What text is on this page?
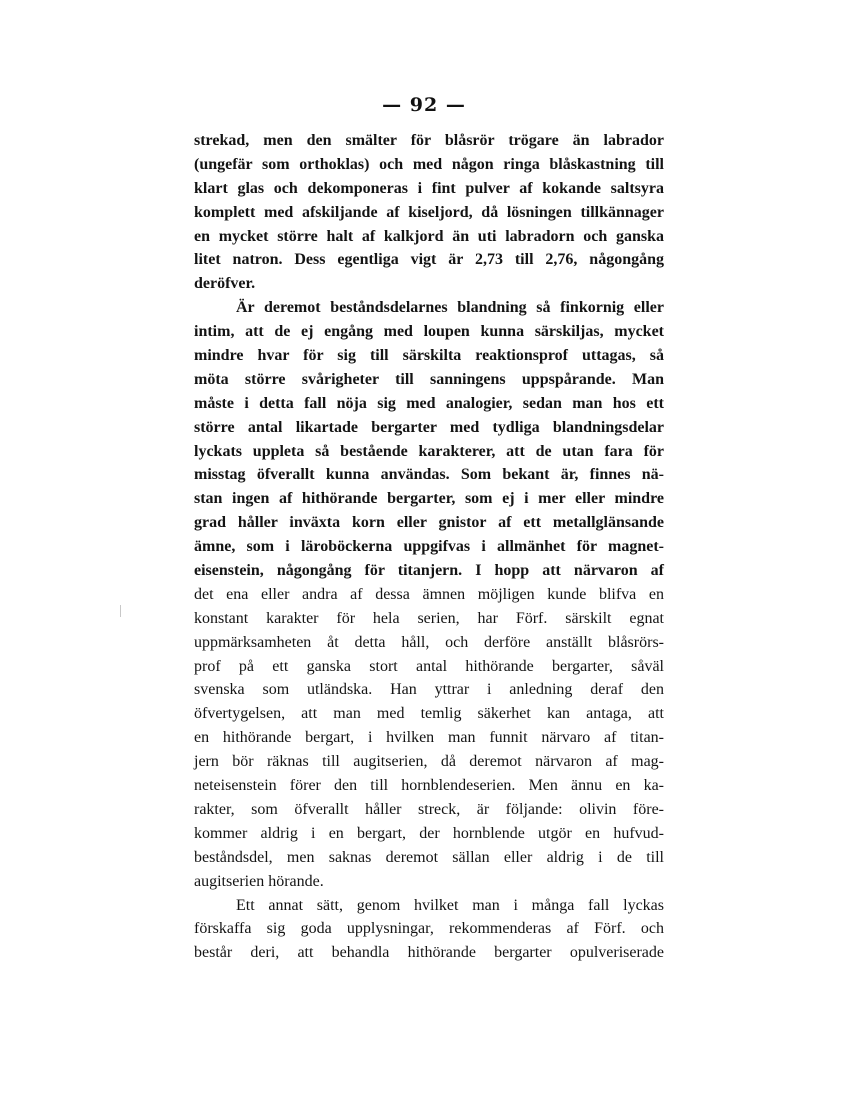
— 92 —
strekad, men den smälter för blåsrör trögare än labrador
(ungefär som orthoklas) och med någon ringa blåskastning till
klart glas och dekomponeras i fint pulver af kokande saltsyra
komplett med afskiljande af kiseljord, då lösningen tillkännager
en mycket större halt af kalkjord än uti labradorn och ganska
litet natron. Dess egentliga vigt är 2,73 till 2,76, någongång
deröfver.
Är deremot beståndsdelarnes blandning så finkornig eller
intim, att de ej engång med loupen kunna särskiljas, mycket
mindre hvar för sig till särskilta reaktionsprof uttagas, så
möta större svårigheter till sanningens uppspårande. Man
måste i detta fall nöja sig med analogier, sedan man hos ett
större antal likartade bergarter med tydliga blandningsdelar
lyckats uppleta så bestående karakterer, att de utan fara för
misstag öfverallt kunna användas. Som bekant är, finnes nä-
stan ingen af hithörande bergarter, som ej i mer eller mindre
grad håller inväxta korn eller gnistor af ett metallglänsande
ämne, som i läroböckerna uppgifvas i allmänhet för magnet-
eisenstein, någongång för titanjern. I hopp att närvaron af
det ena eller andra af dessa ämnen möjligen kunde blifva en
konstant karakter för hela serien, har Förf. särskilt egnat
uppmärksamheten åt detta håll, och derföre anställt blåsrörs-
prof på ett ganska stort antal hithörande bergarter, såväl
svenska som utländska. Han yttrar i anledning deraf den
öfvertygelsen, att man med temlig säkerhet kan antaga, att
en hithörande bergart, i hvilken man funnit närvaro af titan-
jern bör räknas till augitserien, då deremot närvaron af mag-
neteisenstein förer den till hornblendeserien. Men ännu en ka-
rakter, som öfverallt håller streck, är följande: olivin före-
kommer aldrig i en bergart, der hornblende utgör en hufvud-
beståndsdel, men saknas deremot sällan eller aldrig i de till
augitserien hörande.
Ett annat sätt, genom hvilket man i många fall lyckas
förskaffa sig goda upplysningar, rekommenderas af Förf. och
består deri, att behandla hithörande bergarter opulveriserade
